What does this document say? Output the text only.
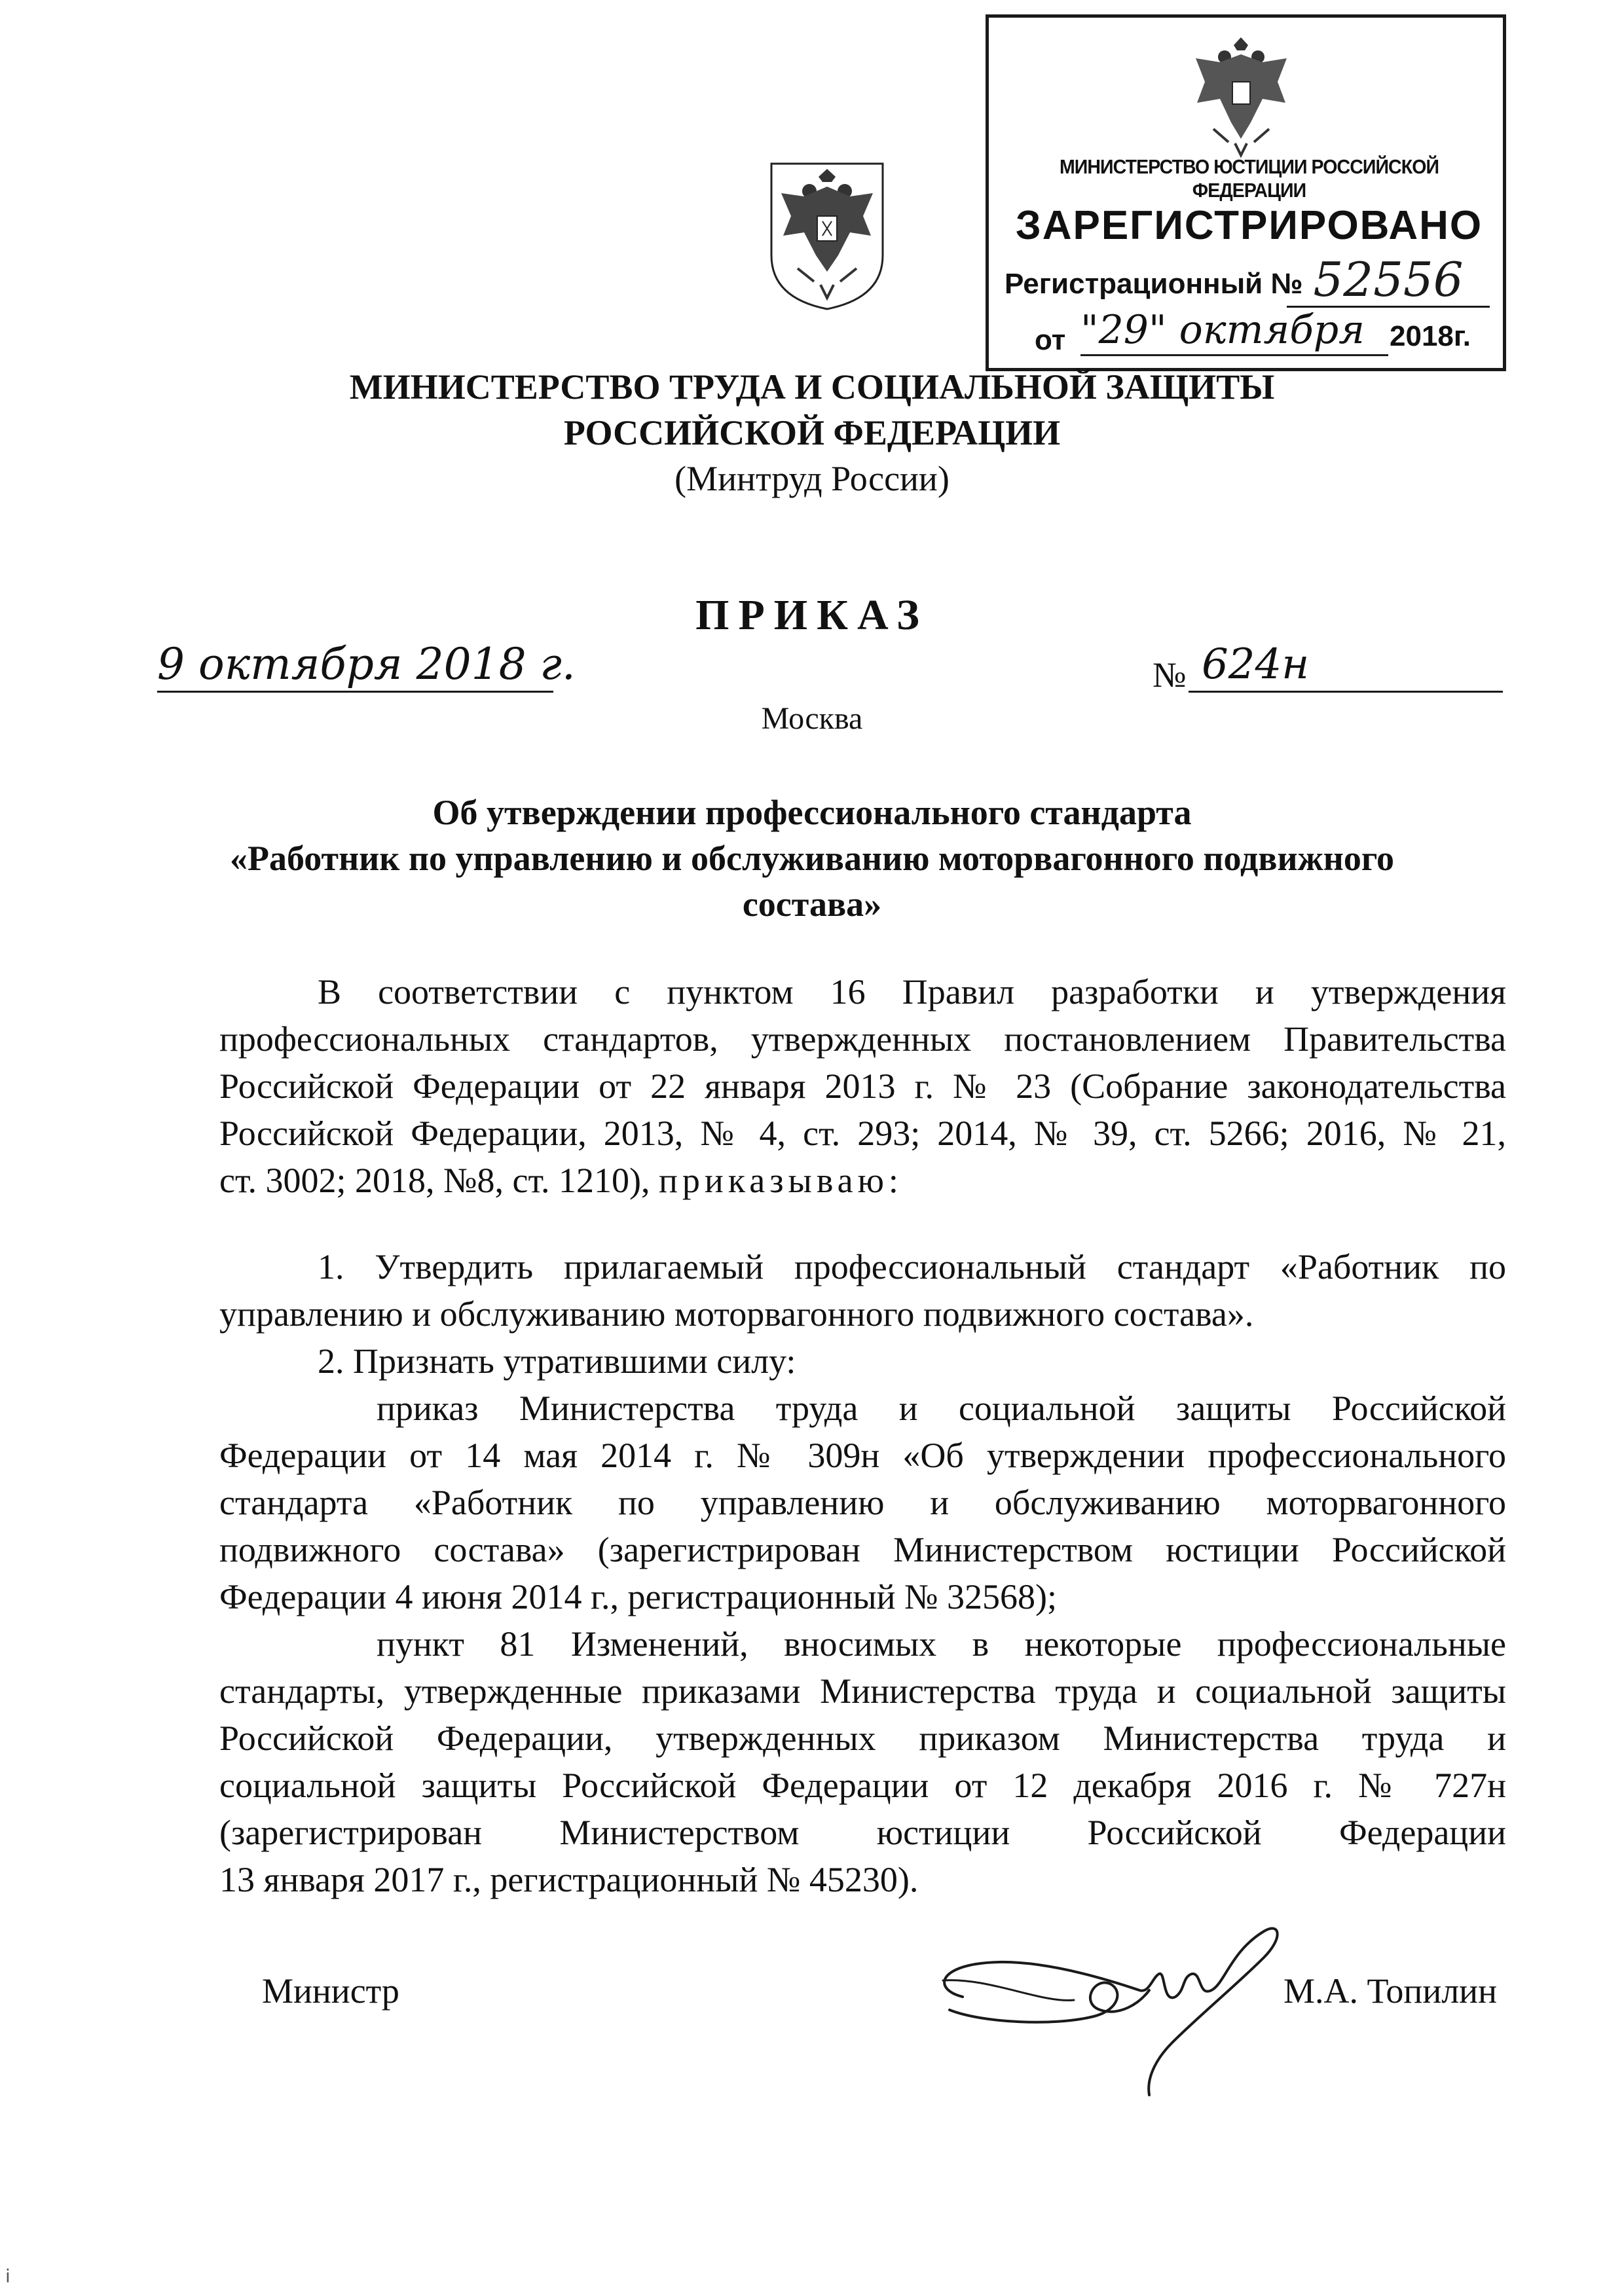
МИНИСТЕРСТВО ЮСТИЦИИ РОССИЙСКОЙ ФЕДЕРАЦИИ
ЗАРЕГИСТРИРОВАНО
Регистрационный № 52556
от "29" октября 2018г.
МИНИСТЕРСТВО ТРУДА И СОЦИАЛЬНОЙ ЗАЩИТЫ
РОССИЙСКОЙ ФЕДЕРАЦИИ
(Минтруд России)
ПРИКАЗ
9 октября 2018 г.	№ 624н
Москва
Об утверждении профессионального стандарта
«Работник по управлению и обслуживанию моторвагонного подвижного
состава»
В соответствии с пунктом 16 Правил разработки и утверждения
профессиональных стандартов, утвержденных постановлением Правительства
Российской Федерации от 22 января 2013 г. № 23 (Собрание законодательства
Российской Федерации, 2013, № 4, ст. 293; 2014, № 39, ст. 5266; 2016, № 21,
ст. 3002; 2018, №8, ст. 1210), приказываю:
1. Утвердить прилагаемый профессиональный стандарт «Работник по
управлению и обслуживанию моторвагонного подвижного состава».
2. Признать утратившими силу:
приказ Министерства труда и социальной защиты Российской
Федерации от 14 мая 2014 г. № 309н «Об утверждении профессионального
стандарта «Работник по управлению и обслуживанию моторвагонного
подвижного состава» (зарегистрирован Министерством юстиции Российской
Федерации 4 июня 2014 г., регистрационный № 32568);
пункт 81 Изменений, вносимых в некоторые профессиональные
стандарты, утвержденные приказами Министерства труда и социальной защиты
Российской Федерации, утвержденных приказом Министерства труда и
социальной защиты Российской Федерации от 12 декабря 2016 г. № 727н
(зарегистрирован Министерством юстиции Российской Федерации
13 января 2017 г., регистрационный № 45230).
Министр	М.А. Топилин
i
